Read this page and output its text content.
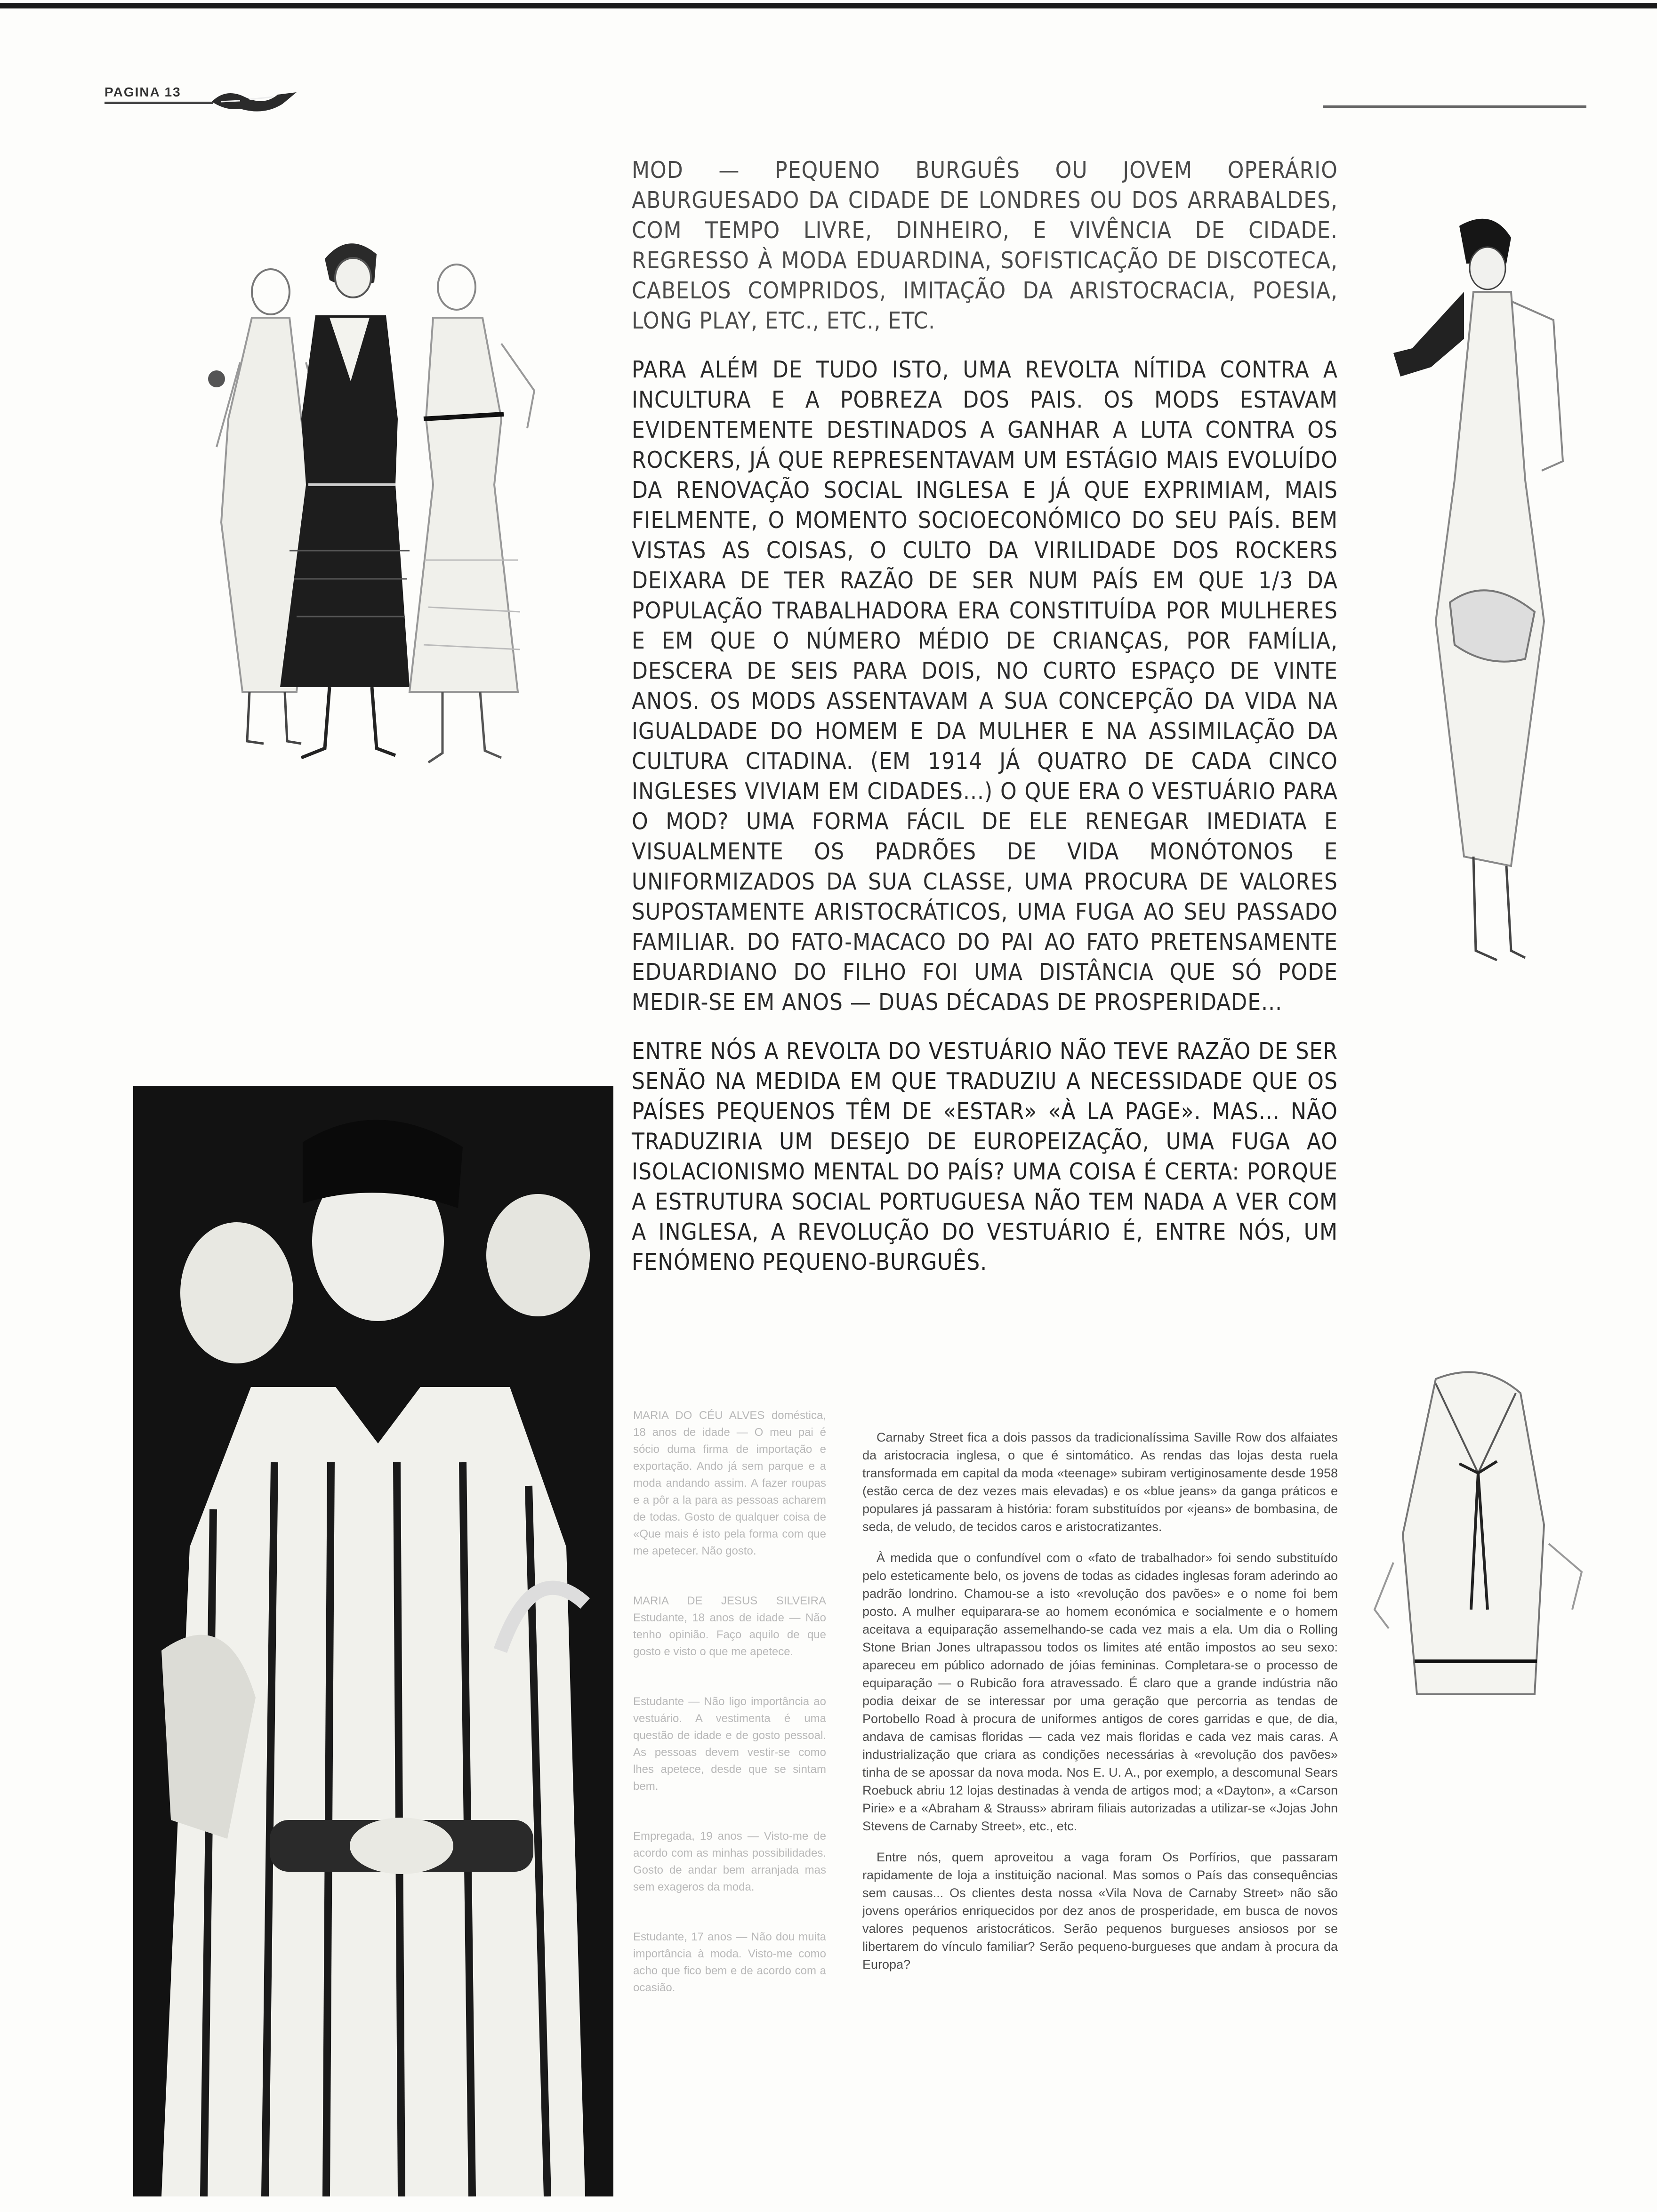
PAGINA 13

MOD — PEQUENO BURGUÊS OU JOVEM OPERÁRIO ABURGUESADO DA CIDADE DE LONDRES OU DOS ARRABALDES, COM TEMPO LIVRE, DINHEIRO, E VIVÊNCIA DE CIDADE. REGRESSO À MODA EDUARDINA, SOFISTICAÇÃO DE DISCOTECA, CABELOS COMPRIDOS, IMITAÇÃO DA ARISTOCRACIA, POESIA, LONG PLAY, ETC., ETC., ETC.

PARA ALÉM DE TUDO ISTO, UMA REVOLTA NÍTIDA CONTRA A INCULTURA E A POBREZA DOS PAIS. OS MODS ESTAVAM EVIDENTEMENTE DESTINADOS A GANHAR A LUTA CONTRA OS ROCKERS, JÁ QUE REPRESENTAVAM UM ESTÁGIO MAIS EVOLUÍDO DA RENOVAÇÃO SOCIAL INGLESA E JÁ QUE EXPRIMIAM, MAIS FIELMENTE, O MOMENTO SOCIOECONÓMICO DO SEU PAÍS. BEM VISTAS AS COISAS, O CULTO DA VIRILIDADE DOS ROCKERS DEIXARA DE TER RAZÃO DE SER NUM PAÍS EM QUE 1/3 DA POPULAÇÃO TRABALHADORA ERA CONSTITUÍDA POR MULHERES E EM QUE O NÚMERO MÉDIO DE CRIANÇAS, POR FAMÍLIA, DESCERA DE SEIS PARA DOIS, NO CURTO ESPAÇO DE VINTE ANOS. OS MODS ASSENTAVAM A SUA CONCEPÇÃO DA VIDA NA IGUALDADE DO HOMEM E DA MULHER E NA ASSIMILAÇÃO DA CULTURA CITADINA. (EM 1914 JÁ QUATRO DE CADA CINCO INGLESES VIVIAM EM CIDADES...) O QUE ERA O VESTUÁRIO PARA O MOD? UMA FORMA FÁCIL DE ELE RENEGAR IMEDIATA E VISUALMENTE OS PADRÕES DE VIDA MONÓTONOS E UNIFORMIZADOS DA SUA CLASSE, UMA PROCURA DE VALORES SUPOSTAMENTE ARISTOCRÁTICOS, UMA FUGA AO SEU PASSADO FAMILIAR. DO FATO-MACACO DO PAI AO FATO PRETENSAMENTE EDUARDIANO DO FILHO FOI UMA DISTÂNCIA QUE SÓ PODE MEDIR-SE EM ANOS — DUAS DÉCADAS DE PROSPERIDADE...

ENTRE NÓS A REVOLTA DO VESTUÁRIO NÃO TEVE RAZÃO DE SER SENÃO NA MEDIDA EM QUE TRADUZIU A NECESSIDADE QUE OS PAÍSES PEQUENOS TÊM DE «ESTAR» «À LA PAGE». MAS... NÃO TRADUZIRIA UM DESEJO DE EUROPEIZAÇÃO, UMA FUGA AO ISOLACIONISMO MENTAL DO PAÍS? UMA COISA É CERTA: PORQUE A ESTRUTURA SOCIAL PORTUGUESA NÃO TEM NADA A VER COM A INGLESA, A REVOLUÇÃO DO VESTUÁRIO É, ENTRE NÓS, UM FENÓMENO PEQUENO-BURGUÊS.

MARIA DO CÉU ALVES doméstica, 18 anos de idade — O meu pai é sócio duma firma de importação e exportação. Ando já sem parque e a moda andando assim. A fazer roupas e a pôr a la para as pessoas acharem de todas. Gosto de qualquer coisa de «Que mais é isto pela forma com que me apetecer. Não gosto.

MARIA DE JESUS SILVEIRA Estudante, 18 anos de idade — Não tenho opinião. Faço aquilo de que gosto e visto o que me apetece.

Estudante — Não ligo importância ao vestuário. A vestimenta é uma questão de idade e de gosto pessoal. As pessoas devem vestir-se como lhes apetece, desde que se sintam bem.

Empregada, 19 anos — Visto-me de acordo com as minhas possibilidades. Gosto de andar bem arranjada mas sem exageros da moda.

Estudante, 17 anos — Não dou muita importância à moda. Visto-me como acho que fico bem e de acordo com a ocasião.

Carnaby Street fica a dois passos da tradicionalíssima Saville Row dos alfaiates da aristocracia inglesa, o que é sintomático. As rendas das lojas desta ruela transformada em capital da moda «teenage» subiram vertiginosamente desde 1958 (estão cerca de dez vezes mais elevadas) e os «blue jeans» da ganga práticos e populares já passaram à história: foram substituídos por «jeans» de bombasina, de seda, de veludo, de tecidos caros e aristocratizantes.

À medida que o confundível com o «fato de trabalhador» foi sendo substituído pelo esteticamente belo, os jovens de todas as cidades inglesas foram aderindo ao padrão londrino. Chamou-se a isto «revolução dos pavões» e o nome foi bem posto. A mulher equiparara-se ao homem económica e socialmente e o homem aceitava a equiparação assemelhando-se cada vez mais a ela. Um dia o Rolling Stone Brian Jones ultrapassou todos os limites até então impostos ao seu sexo: apareceu em público adornado de jóias femininas. Completara-se o processo de equiparação — o Rubicão fora atravessado. É claro que a grande indústria não podia deixar de se interessar por uma geração que percorria as tendas de Portobello Road à procura de uniformes antigos de cores garridas e que, de dia, andava de camisas floridas — cada vez mais floridas e cada vez mais caras. A industrialização que criara as condições necessárias à «revolução dos pavões» tinha de se apossar da nova moda. Nos E. U. A., por exemplo, a descomunal Sears Roebuck abriu 12 lojas destinadas à venda de artigos mod; a «Dayton», a «Carson Pirie» e a «Abraham & Strauss» abriram filiais autorizadas a utilizar-se «Jojas John Stevens de Carnaby Street», etc., etc.

Entre nós, quem aproveitou a vaga foram Os Porfírios, que passaram rapidamente de loja a instituição nacional. Mas somos o País das consequências sem causas... Os clientes desta nossa «Vila Nova de Carnaby Street» não são jovens operários enriquecidos por dez anos de prosperidade, em busca de novos valores pequenos aristocráticos. Serão pequenos burgueses ansiosos por se libertarem do vínculo familiar? Serão pequeno-burgueses que andam à procura da Europa?
